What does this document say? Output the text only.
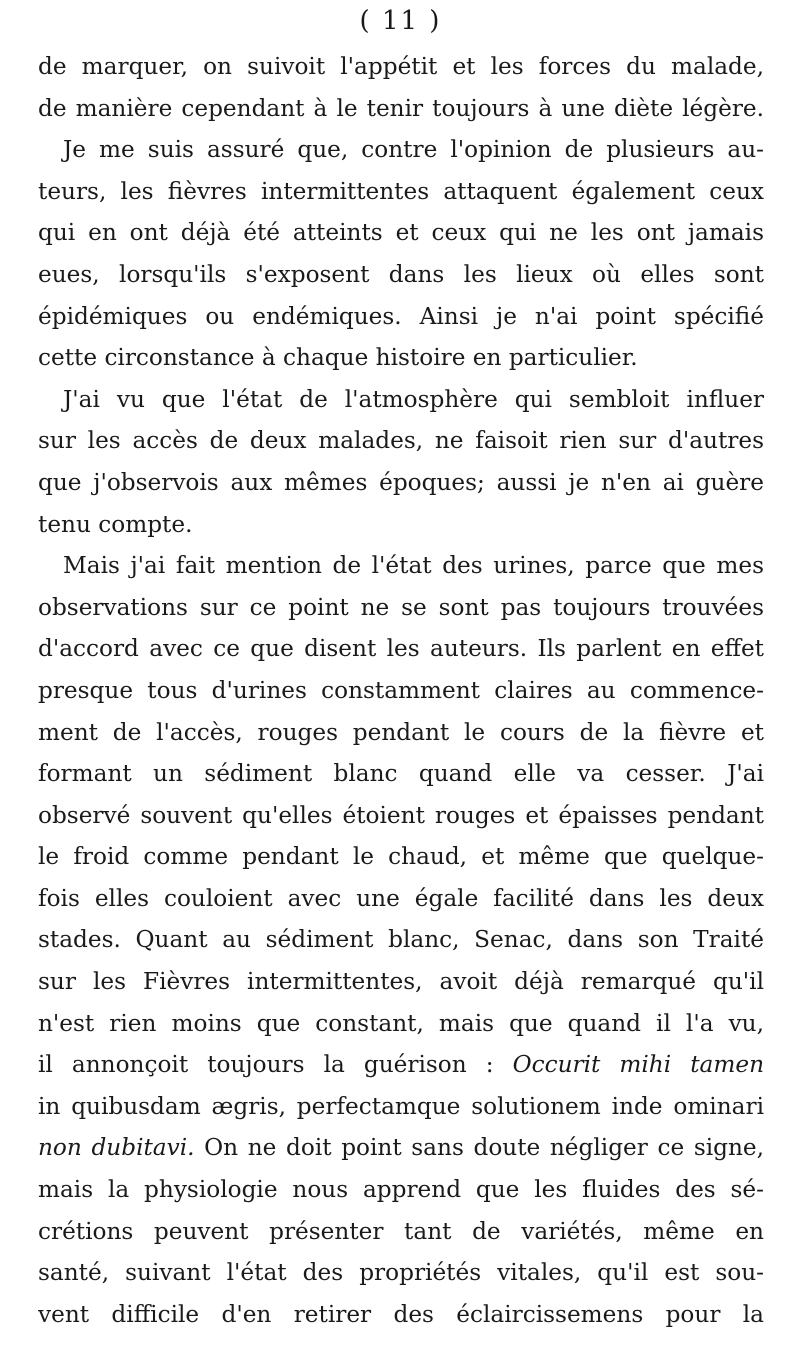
( 11 )
de marquer, on suivoit l'appétit et les forces du malade,
de manière cependant à le tenir toujours à une diète légère.
Je me suis assuré que, contre l'opinion de plusieurs au-
teurs, les fièvres intermittentes attaquent également ceux
qui en ont déjà été atteints et ceux qui ne les ont jamais
eues, lorsqu'ils s'exposent dans les lieux où elles sont
épidémiques ou endémiques. Ainsi je n'ai point spécifié
cette circonstance à chaque histoire en particulier.
J'ai vu que l'état de l'atmosphère qui sembloit influer
sur les accès de deux malades, ne faisoit rien sur d'autres
que j'observois aux mêmes époques; aussi je n'en ai guère
tenu compte.
Mais j'ai fait mention de l'état des urines, parce que mes
observations sur ce point ne se sont pas toujours trouvées
d'accord avec ce que disent les auteurs. Ils parlent en effet
presque tous d'urines constamment claires au commence-
ment de l'accès, rouges pendant le cours de la fièvre et
formant un sédiment blanc quand elle va cesser. J'ai
observé souvent qu'elles étoient rouges et épaisses pendant
le froid comme pendant le chaud, et même que quelque-
fois elles couloient avec une égale facilité dans les deux
stades. Quant au sédiment blanc, Senac, dans son Traité
sur les Fièvres intermittentes, avoit déjà remarqué qu'il
n'est rien moins que constant, mais que quand il l'a vu,
il annonçoit toujours la guérison : Occurit mihi tamen
in quibusdam ægris, perfectamque solutionem inde ominari
non dubitavi. On ne doit point sans doute négliger ce signe,
mais la physiologie nous apprend que les fluides des sé-
crétions peuvent présenter tant de variétés, même en
santé, suivant l'état des propriétés vitales, qu'il est sou-
vent difficile d'en retirer des éclaircissemens pour la
